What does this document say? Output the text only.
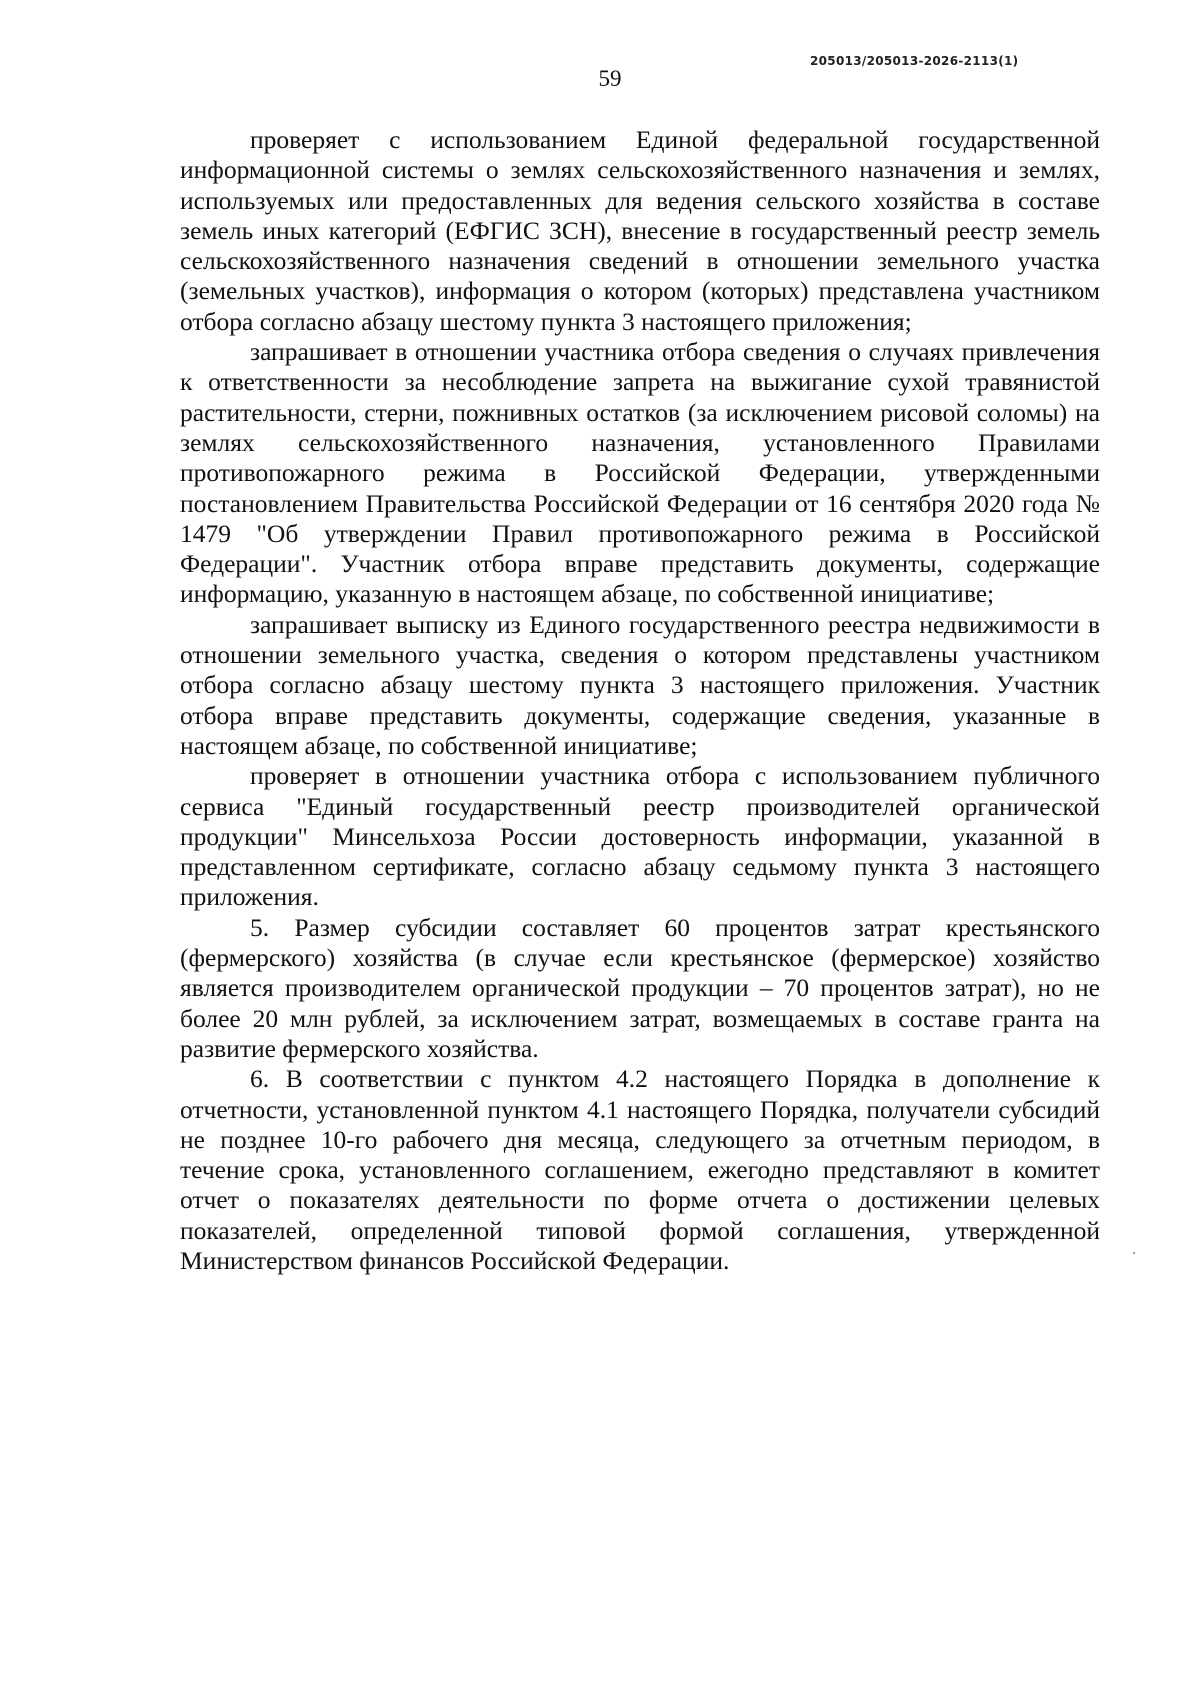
205013/205013-2026-2113(1)
59

проверяет с использованием Единой федеральной государственной информационной системы о землях сельскохозяйственного назначения и землях, используемых или предоставленных для ведения сельского хозяйства в составе земель иных категорий (ЕФГИС ЗСН), внесение в государственный реестр земель сельскохозяйственного назначения сведений в отношении земельного участка (земельных участков), информация о котором (которых) представлена участником отбора согласно абзацу шестому пункта 3 настоящего приложения;

запрашивает в отношении участника отбора сведения о случаях привлечения к ответственности за несоблюдение запрета на выжигание сухой травянистой растительности, стерни, пожнивных остатков (за исключением рисовой соломы) на землях сельскохозяйственного назначения, установленного Правилами противопожарного режима в Российской Федерации, утвержденными постановлением Правительства Российской Федерации от 16 сентября 2020 года № 1479 "Об утверждении Правил противопожарного режима в Российской Федерации". Участник отбора вправе представить документы, содержащие информацию, указанную в настоящем абзаце, по собственной инициативе;

запрашивает выписку из Единого государственного реестра недвижимости в отношении земельного участка, сведения о котором представлены участником отбора согласно абзацу шестому пункта 3 настоящего приложения. Участник отбора вправе представить документы, содержащие сведения, указанные в настоящем абзаце, по собственной инициативе;

проверяет в отношении участника отбора с использованием публичного сервиса "Единый государственный реестр производителей органической продукции" Минсельхоза России достоверность информации, указанной в представленном сертификате, согласно абзацу седьмому пункта 3 настоящего приложения.

5. Размер субсидии составляет 60 процентов затрат крестьянского (фермерского) хозяйства (в случае если крестьянское (фермерское) хозяйство является производителем органической продукции – 70 процентов затрат), но не более 20 млн рублей, за исключением затрат, возмещаемых в составе гранта на развитие фермерского хозяйства.

6. В соответствии с пунктом 4.2 настоящего Порядка в дополнение к отчетности, установленной пунктом 4.1 настоящего Порядка, получатели субсидий не позднее 10-го рабочего дня месяца, следующего за отчетным периодом, в течение срока, установленного соглашением, ежегодно представляют в комитет отчет о показателях деятельности по форме отчета о достижении целевых показателей, определенной типовой формой соглашения, утвержденной Министерством финансов Российской Федерации.
